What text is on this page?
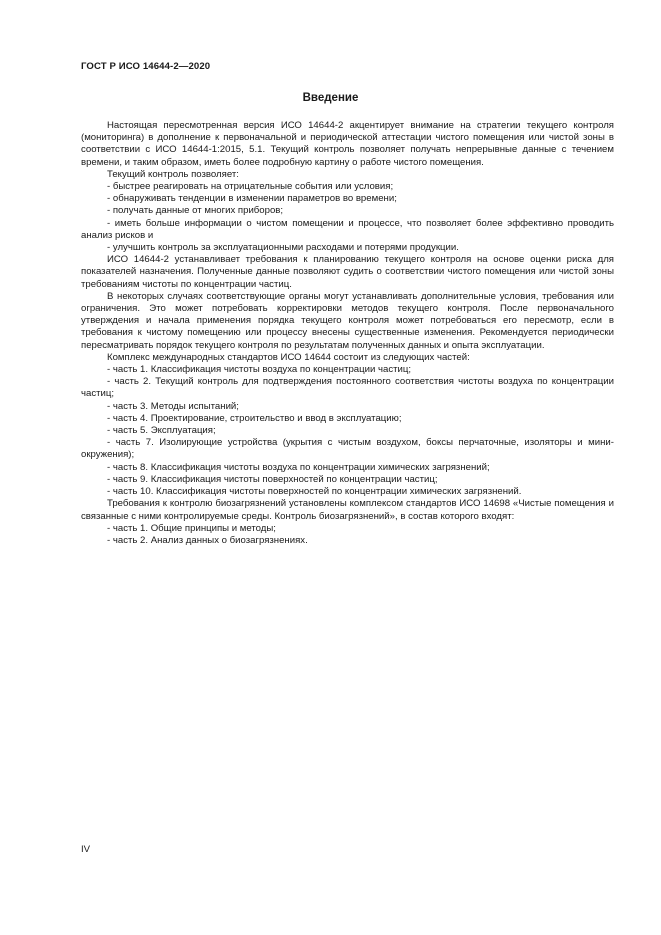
ГОСТ Р ИСО 14644-2—2020
Введение

Настоящая пересмотренная версия ИСО 14644-2 акцентирует внимание на стратегии текущего контроля (мониторинга) в дополнение к первоначальной и периодической аттестации чистого помещения или чистой зоны в соответствии с ИСО 14644-1:2015, 5.1. Текущий контроль позволяет получать непрерывные данные с течением времени, и таким образом, иметь более подробную картину о работе чистого помещения.

Текущий контроль позволяет:

- быстрее реагировать на отрицательные события или условия;

- обнаруживать тенденции в изменении параметров во времени;

- получать данные от многих приборов;

- иметь больше информации о чистом помещении и процессе, что позволяет более эффективно проводить анализ рисков и

- улучшить контроль за эксплуатационными расходами и потерями продукции.

ИСО 14644-2 устанавливает требования к планированию текущего контроля на основе оценки риска для показателей назначения. Полученные данные позволяют судить о соответствии чистого помещения или чистой зоны требованиям чистоты по концентрации частиц.

В некоторых случаях соответствующие органы могут устанавливать дополнительные условия, требования или ограничения. Это может потребовать корректировки методов текущего контроля. После первоначального утверждения и начала применения порядка текущего контроля может потребоваться его пересмотр, если в требования к чистому помещению или процессу внесены существенные изменения. Рекомендуется периодически пересматривать порядок текущего контроля по результатам полученных данных и опыта эксплуатации.

Комплекс международных стандартов ИСО 14644 состоит из следующих частей:

- часть 1. Классификация чистоты воздуха по концентрации частиц;

- часть 2. Текущий контроль для подтверждения постоянного соответствия чистоты воздуха по концентрации частиц;

- часть 3. Методы испытаний;

- часть 4. Проектирование, строительство и ввод в эксплуатацию;

- часть 5. Эксплуатация;

- часть 7. Изолирующие устройства (укрытия с чистым воздухом, боксы перчаточные, изоляторы и мини-окружения);

- часть 8. Классификация чистоты воздуха по концентрации химических загрязнений;

- часть 9. Классификация чистоты поверхностей по концентрации частиц;

- часть 10. Классификация чистоты поверхностей по концентрации химических загрязнений.

Требования к контролю биозагрязнений установлены комплексом стандартов ИСО 14698 «Чистые помещения и связанные с ними контролируемые среды. Контроль биозагрязнений», в состав которого входят:

- часть 1. Общие принципы и методы;

- часть 2. Анализ данных о биозагрязнениях.

IV
